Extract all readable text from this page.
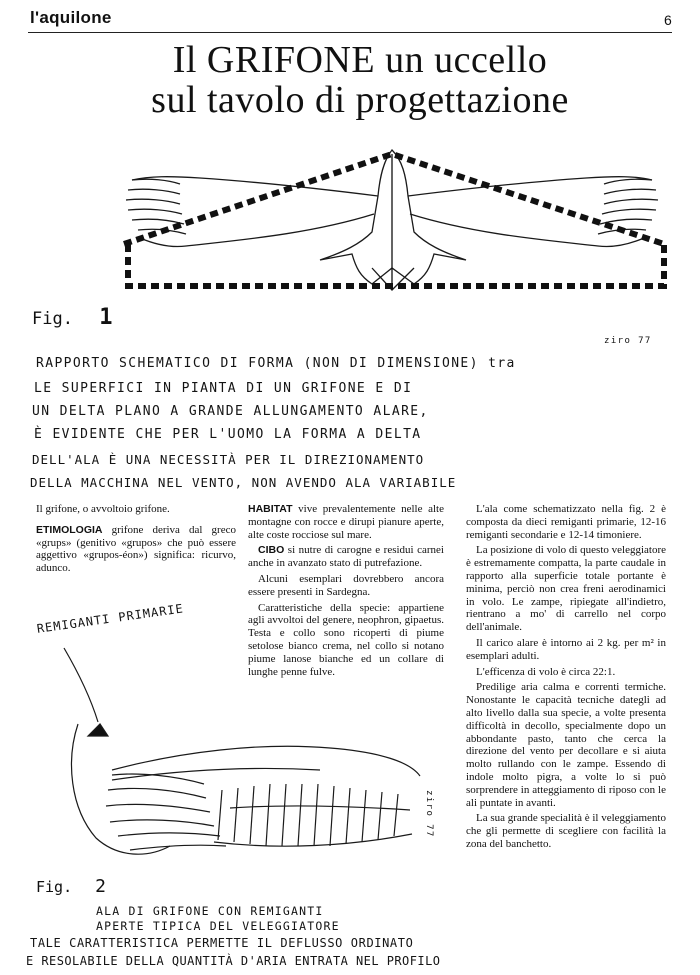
l'aquilone	6
Il GRIFONE un uccello
sul tavolo di progettazione
Fig. 1
ziro 77
RAPPORTO SCHEMATICO DI FORMA (NON DI DIMENSIONE) tra
LE SUPERFICI IN PIANTA DI UN GRIFONE E DI
UN DELTA PLANO A GRANDE ALLUNGAMENTO ALARE,
È EVIDENTE CHE PER L'UOMO LA FORMA A DELTA
DELL'ALA È UNA NECESSITÀ PER IL DIREZIONAMENTO
DELLA MACCHINA NEL VENTO, NON AVENDO ALA VARIABILE

Il grifone, o avvoltoio grifone.

ETIMOLOGIA grifone deriva dal greco «grups» (genitivo «grupos» che può essere aggettivo «grupos-éon») significa: ricurvo, adunco.

HABITAT vive prevalentemente nelle alte montagne con rocce e dirupi pianure aperte, alte coste rocciose sul mare.

CIBO si nutre di carogne e residui carnei anche in avanzato stato di putrefazione.

Alcuni esemplari dovrebbero ancora essere presenti in Sardegna.

Caratteristiche della specie: appartiene agli avvoltoi del genere, neophron, gipaetus. Testa e collo sono ricoperti di piume setolose bianco crema, nel collo si notano piume lanose bianche ed un collare di lunghe penne fulve.

L'ala come schematizzato nella fig. 2 è composta da dieci remiganti primarie, 12-16 remiganti secondarie e 12-14 timoniere.

La posizione di volo di questo veleggiatore è estremamente compatta, la parte caudale in rapporto alla superficie totale portante è minima, perciò non crea freni aerodinamici in volo. Le zampe, ripiegate all'indietro, rientrano a mo' di carrello nel corpo dell'animale.

Il carico alare è intorno ai 2 kg. per m² in esemplari adulti.

L'efficenza di volo è circa 22:1.

Predilige aria calma e correnti termiche. Nonostante le capacità tecniche dategli ad alto livello dalla sua specie, a volte presenta difficoltà in decollo, specialmente dopo un abbondante pasto, tanto che cerca la direzione del vento per decollare e si aiuta molto rullando con le zampe. Essendo di indole molto pigra, a volte lo si può sorprendere in atteggiamento di riposo con le ali puntate in avanti.

La sua grande specialità è il veleggiamento che gli permette di scegliere con facilità la zona del banchetto.

REMIGANTI PRIMARIE
ziro 77
Fig. 2
ALA DI GRIFONE CON REMIGANTI
APERTE TIPICA DEL VELEGGIATORE
TALE CARATTERISTICA PERMETTE IL DEFLUSSO ORDINATO
E RESOLABILE DELLA QUANTITÀ D'ARIA ENTRATA NEL PROFILO
